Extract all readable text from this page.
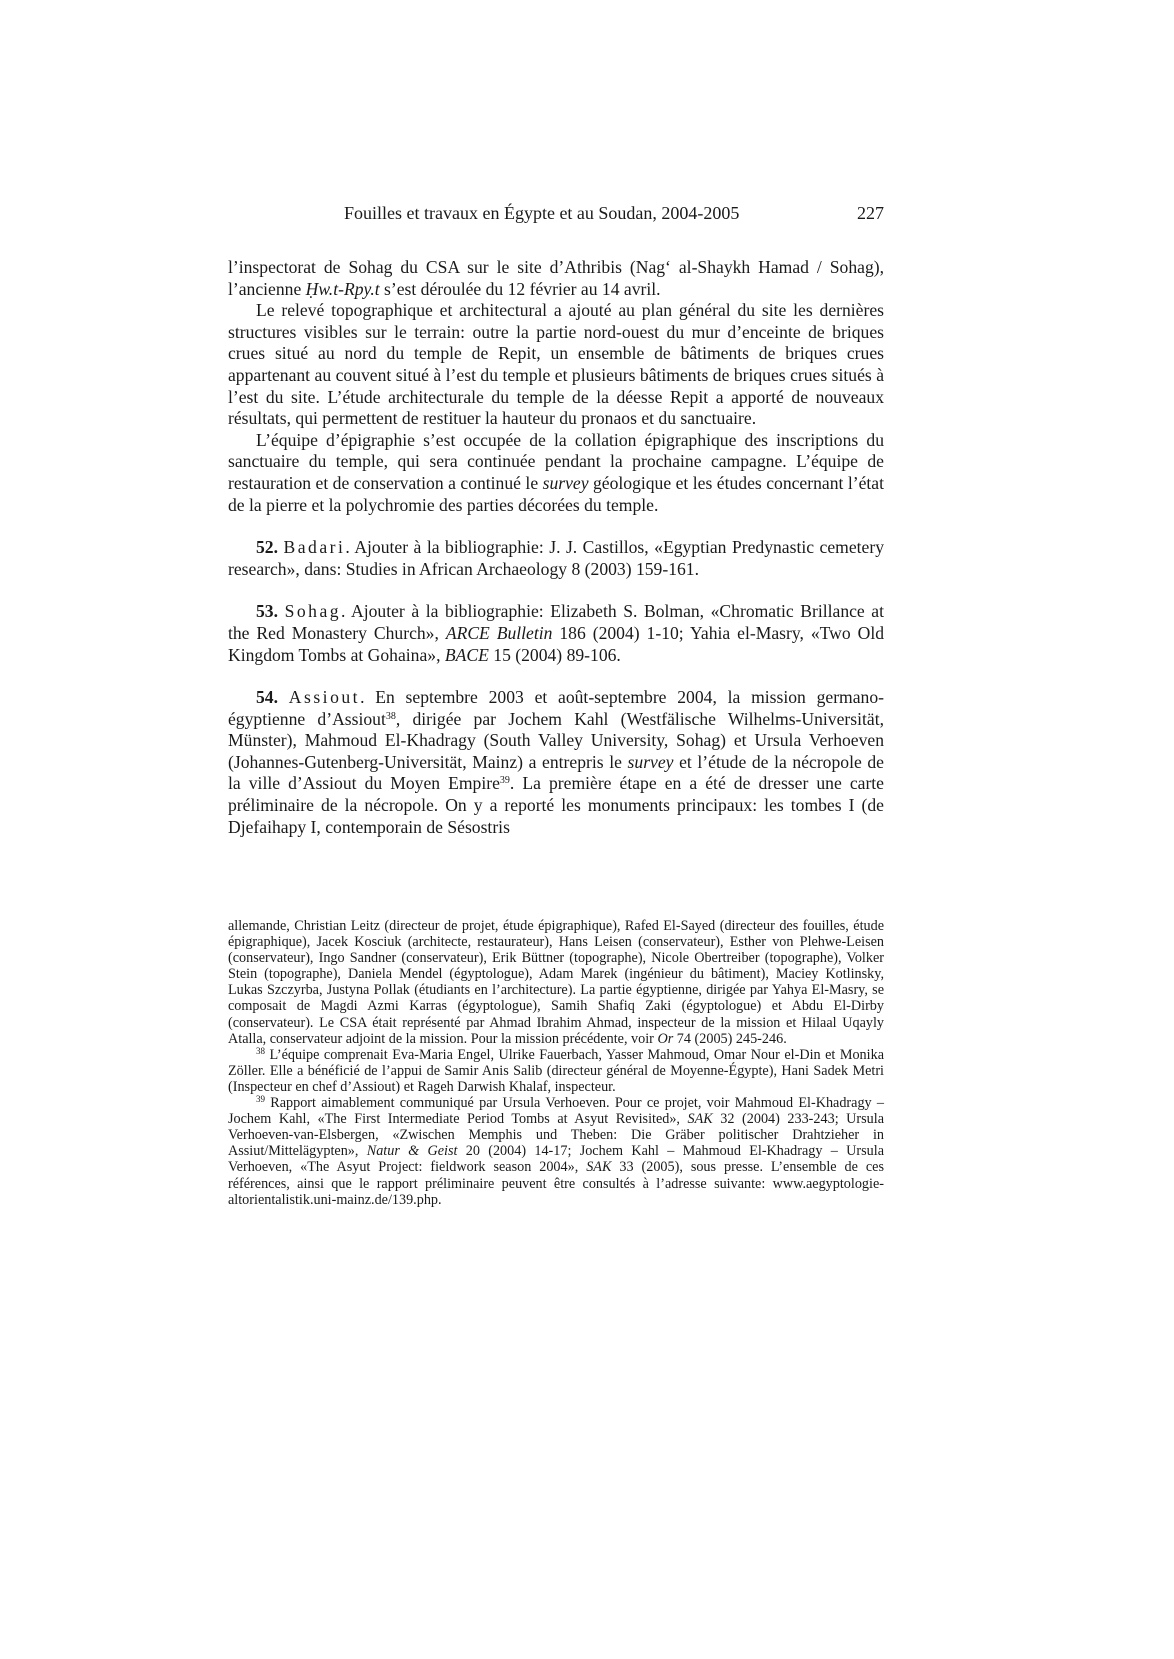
Fouilles et travaux en Égypte et au Soudan, 2004-2005	227

l’inspectorat de Sohag du CSA sur le site d’Athribis (Nag‘ al-Shaykh Hamad / Sohag), l’ancienne Ḥw.t-Rpy.t s’est déroulée du 12 février au 14 avril.

Le relevé topographique et architectural a ajouté au plan général du site les dernières structures visibles sur le terrain: outre la partie nord-ouest du mur d’enceinte de briques crues situé au nord du temple de Repit, un ensemble de bâtiments de briques crues appartenant au couvent situé à l’est du temple et plusieurs bâtiments de briques crues situés à l’est du site. L’étude architecturale du temple de la déesse Repit a apporté de nouveaux résultats, qui permettent de restituer la hauteur du pronaos et du sanctuaire.

L’équipe d’épigraphie s’est occupée de la collation épigraphique des inscriptions du sanctuaire du temple, qui sera continuée pendant la prochaine campagne. L’équipe de restauration et de conservation a continué le survey géologique et les études concernant l’état de la pierre et la polychromie des parties décorées du temple.

52. Badari. Ajouter à la bibliographie: J. J. Castillos, «Egyptian Predynastic cemetery research», dans: Studies in African Archaeology 8 (2003) 159-161.

53. Sohag. Ajouter à la bibliographie: Elizabeth S. Bolman, «Chromatic Brillance at the Red Monastery Church», ARCE Bulletin 186 (2004) 1-10; Yahia el-Masry, «Two Old Kingdom Tombs at Gohaina», BACE 15 (2004) 89-106.

54. Assiout. En septembre 2003 et août-septembre 2004, la mission germano-égyptienne d’Assiout$^{38}$, dirigée par Jochem Kahl (Westfälische Wilhelms-Universität, Münster), Mahmoud El-Khadragy (South Valley University, Sohag) et Ursula Verhoeven (Johannes-Gutenberg-Universität, Mainz) a entrepris le survey et l’étude de la nécropole de la ville d’Assiout du Moyen Empire$^{39}$. La première étape en a été de dresser une carte préliminaire de la nécropole. On y a reporté les monuments principaux: les tombes I (de Djefaihapy I, contemporain de Sésostris

allemande, Christian Leitz (directeur de projet, étude épigraphique), Rafed El-Sayed (directeur des fouilles, étude épigraphique), Jacek Kosciuk (architecte, restaurateur), Hans Leisen (conservateur), Esther von Plehwe-Leisen (conservateur), Ingo Sandner (conservateur), Erik Büttner (topographe), Nicole Obertreiber (topographe), Volker Stein (topographe), Daniela Mendel (égyptologue), Adam Marek (ingénieur du bâtiment), Maciey Kotlinsky, Lukas Szczyrba, Justyna Pollak (étudiants en l’architecture). La partie égyptienne, dirigée par Yahya El-Masry, se composait de Magdi Azmi Karras (égyptologue), Samih Shafiq Zaki (égyptologue) et Abdu El-Dirby (conservateur). Le CSA était représenté par Ahmad Ibrahim Ahmad, inspecteur de la mission et Hilaal Uqayly Atalla, conservateur adjoint de la mission. Pour la mission précédente, voir Or 74 (2005) 245-246.

$^{38}$ L’équipe comprenait Eva-Maria Engel, Ulrike Fauerbach, Yasser Mahmoud, Omar Nour el-Din et Monika Zöller. Elle a bénéficié de l’appui de Samir Anis Salib (directeur général de Moyenne-Égypte), Hani Sadek Metri (Inspecteur en chef d’Assiout) et Rageh Darwish Khalaf, inspecteur.

$^{39}$ Rapport aimablement communiqué par Ursula Verhoeven. Pour ce projet, voir Mahmoud El-Khadragy – Jochem Kahl, «The First Intermediate Period Tombs at Asyut Revisited», SAK 32 (2004) 233-243; Ursula Verhoeven-van-Elsbergen, «Zwischen Memphis und Theben: Die Gräber politischer Drahtzieher in Assiut/Mittelägypten», Natur & Geist 20 (2004) 14-17; Jochem Kahl – Mahmoud El-Khadragy – Ursula Verhoeven, «The Asyut Project: fieldwork season 2004», SAK 33 (2005), sous presse. L’ensemble de ces références, ainsi que le rapport préliminaire peuvent être consultés à l’adresse suivante: www.aegyptologie-altorientalistik.uni-mainz.de/139.php.
